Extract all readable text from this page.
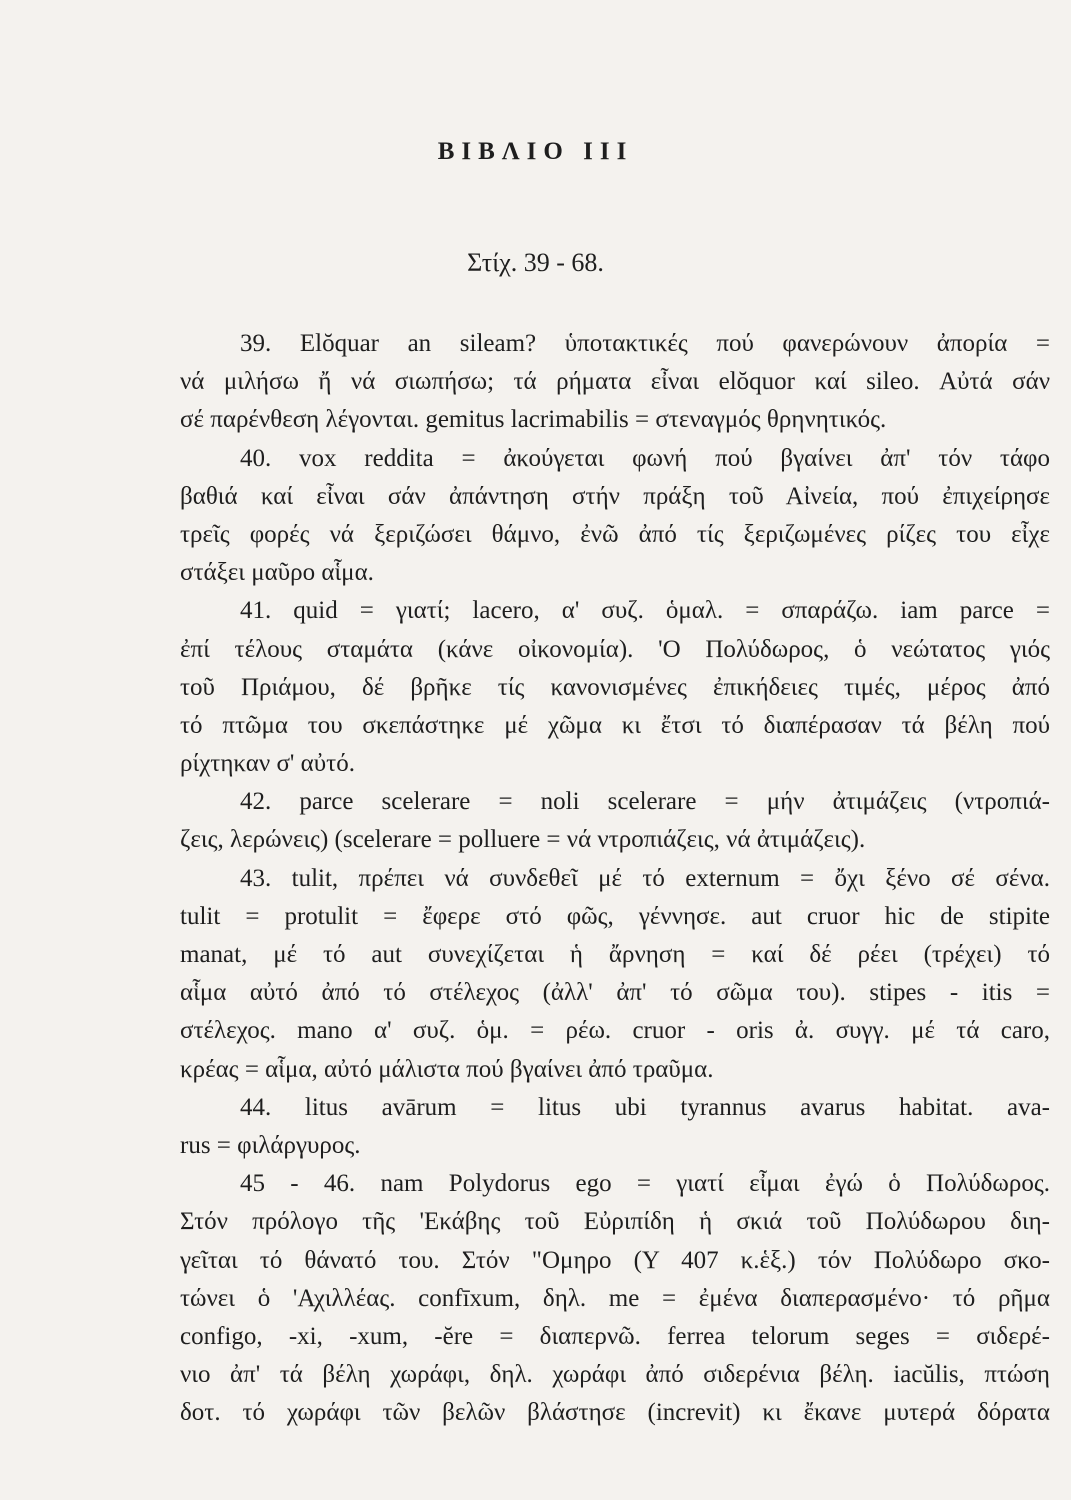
ΒΙΒΛΙΟ ΙΙΙ
Στίχ. 39 - 68.
39. Elŏquar an sileam? ὑποτακτικές πού φανερώνουν ἀπορία =
νά μιλήσω ἤ νά σιωπήσω; τά ρήματα εἶναι elŏquor καί sileo. Αὐτά σάν
σέ παρένθεση λέγονται. gemitus lacrimabilis = στεναγμός θρηνητικός.
40. vox reddita = ἀκούγεται φωνή πού βγαίνει ἀπ' τόν τάφο
βαθιά καί εἶναι σάν ἀπάντηση στήν πράξη τοῦ Αἰνεία, πού ἐπιχείρησε
τρεῖς φορές νά ξεριζώσει θάμνο, ἐνῶ ἀπό τίς ξεριζωμένες ρίζες του εἶχε
στάξει μαῦρο αἷμα.
41. quid = γιατί; lacero, α' συζ. ὁμαλ. = σπαράζω. iam parce =
ἐπί τέλους σταμάτα (κάνε οἰκονομία). 'Ο Πολύδωρος, ὁ νεώτατος γιός
τοῦ Πριάμου, δέ βρῆκε τίς κανονισμένες ἐπικήδειες τιμές, μέρος ἀπό
τό πτῶμα του σκεπάστηκε μέ χῶμα κι ἔτσι τό διαπέρασαν τά βέλη πού
ρίχτηκαν σ' αὐτό.
42. parce scelerare = noli scelerare = μήν ἀτιμάζεις (ντροπιά-
ζεις, λερώνεις) (scelerare = polluere = νά ντροπιάζεις, νά ἀτιμάζεις).
43. tulit, πρέπει νά συνδεθεῖ μέ τό externum = ὄχι ξένο σέ σένα.
tulit = protulit = ἔφερε στό φῶς, γέννησε. aut cruor hic de stipite
manat, μέ τό aut συνεχίζεται ἡ ἄρνηση = καί δέ ρέει (τρέχει) τό
αἷμα αὐτό ἀπό τό στέλεχος (ἀλλ' ἀπ' τό σῶμα του). stipes - itis =
στέλεχος. mano α' συζ. ὁμ. = ρέω. cruor - oris ἀ. συγγ. μέ τά caro,
κρέας = αἷμα, αὐτό μάλιστα πού βγαίνει ἀπό τραῦμα.
44. litus avārum = litus ubi tyrannus avarus habitat. ava-
rus = φιλάργυρος.
45 - 46. nam Polydorus ego = γιατί εἶμαι ἐγώ ὁ Πολύδωρος.
Στόν πρόλογο τῆς 'Εκάβης τοῦ Εὐριπίδη ἡ σκιά τοῦ Πολύδωρου διη-
γεῖται τό θάνατό του. Στόν "Ομηρο (Υ 407 κ.ἑξ.) τόν Πολύδωρο σκο-
τώνει ὁ 'Αχιλλέας. confīxum, δηλ. me = ἐμένα διαπερασμένο· τό ρῆμα
configo, -xi, -xum, -ĕre = διαπερνῶ. ferrea telorum seges = σιδερέ-
νιο ἀπ' τά βέλη χωράφι, δηλ. χωράφι ἀπό σιδερένια βέλη. iacŭlis, πτώση
δοτ. τό χωράφι τῶν βελῶν βλάστησε (increvit) κι ἔκανε μυτερά δόρατα
